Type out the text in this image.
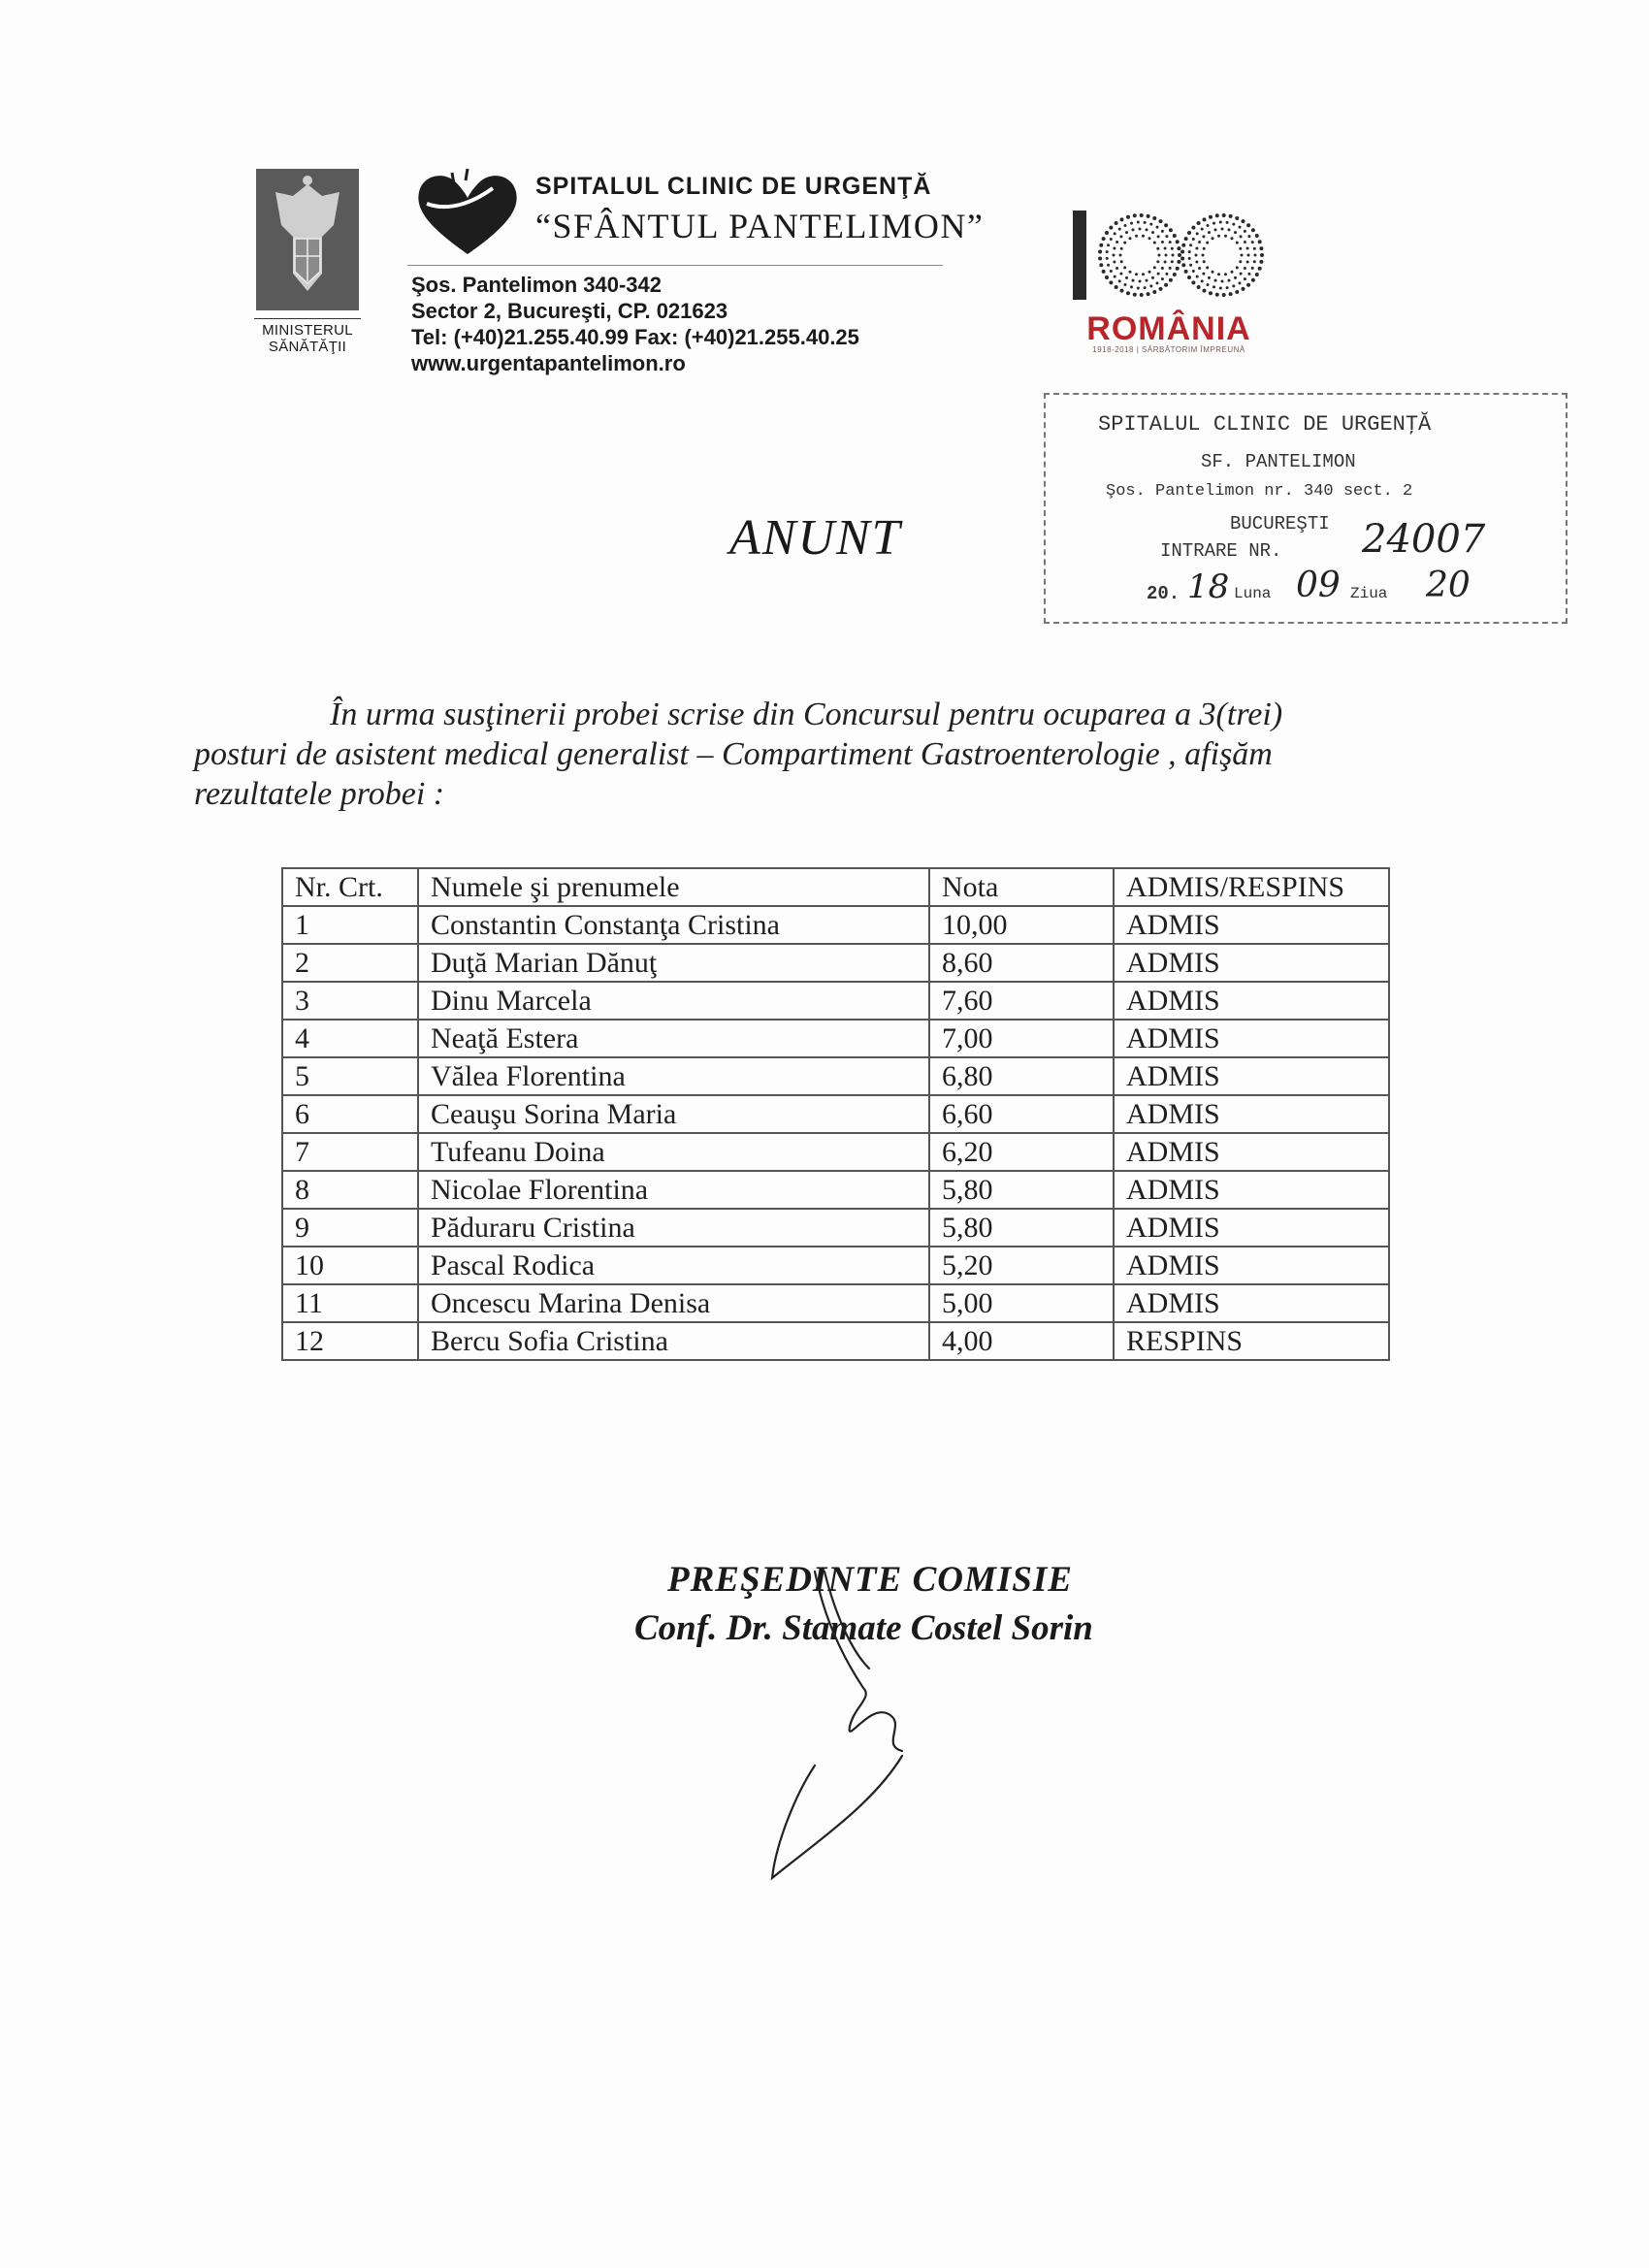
MINISTERUL
SĂNĂTĂŢII
SPITALUL CLINIC DE URGENŢĂ
“SFÂNTUL PANTELIMON”
Şos. Pantelimon 340-342
Sector 2, Bucureşti, CP. 021623
Tel: (+40)21.255.40.99 Fax: (+40)21.255.40.25
www.urgentapantelimon.ro
ROMÂNIA
1918-2018 | SĂRBĂTORIM ÎMPREUNĂ
SPITALUL CLINIC DE URGENŢĂ
SF. PANTELIMON
Şos. Pantelimon nr. 340 sect. 2
BUCUREŞTI
INTRARE NR. 24007
20. 18 Luna 09 Ziua 20
ANUNT

În urma susţinerii probei scrise din Concursul pentru ocuparea a 3(trei)

posturi de asistent medical generalist – Compartiment Gastroenterologie , afişăm

rezultatele probei :

Nr. Crt.	Numele şi prenumele	Nota	ADMIS/RESPINS
1	Constantin Constanţa Cristina	10,00	ADMIS
2	Duţă Marian Dănuţ	8,60	ADMIS
3	Dinu Marcela	7,60	ADMIS
4	Neaţă Estera	7,00	ADMIS
5	Vălea Florentina	6,80	ADMIS
6	Ceauşu Sorina Maria	6,60	ADMIS
7	Tufeanu Doina	6,20	ADMIS
8	Nicolae Florentina	5,80	ADMIS
9	Păduraru Cristina	5,80	ADMIS
10	Pascal Rodica	5,20	ADMIS
11	Oncescu Marina Denisa	5,00	ADMIS
12	Bercu Sofia Cristina	4,00	RESPINS
PREŞEDINTE COMISIE
Conf. Dr. Stamate Costel Sorin
